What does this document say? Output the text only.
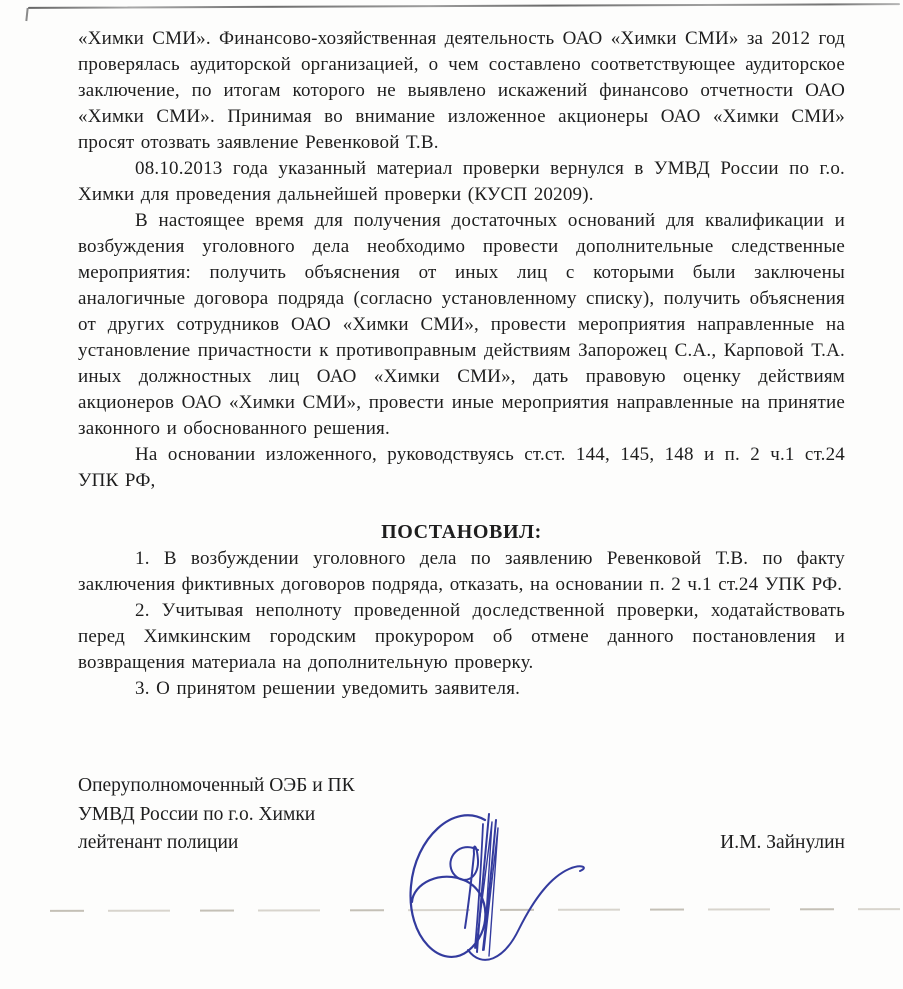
«Химки СМИ». Финансово-хозяйственная деятельность ОАО «Химки СМИ» за 2012 год проверялась аудиторской организацией, о чем составлено соответствующее аудиторское заключение, по итогам которого не выявлено искажений финансово отчетности ОАО «Химки СМИ». Принимая во внимание изложенное акционеры ОАО «Химки СМИ» просят отозвать заявление Ревенковой Т.В.

08.10.2013 года указанный материал проверки вернулся в УМВД России по г.о. Химки для проведения дальнейшей проверки (КУСП 20209).

В настоящее время для получения достаточных оснований для квалификации и возбуждения уголовного дела необходимо провести дополнительные следственные мероприятия: получить объяснения от иных лиц с которыми были заключены аналогичные договора подряда (согласно установленному списку), получить объяснения от других сотрудников ОАО «Химки СМИ», провести мероприятия направленные на установление причастности к противоправным действиям Запорожец С.А., Карповой Т.А. иных должностных лиц ОАО «Химки СМИ», дать правовую оценку действиям акционеров ОАО «Химки СМИ», провести иные мероприятия направленные на принятие законного и обоснованного решения.

На основании изложенного, руководствуясь ст.ст. 144, 145, 148 и п. 2 ч.1 ст.24 УПК РФ,

ПОСТАНОВИЛ:

1. В возбуждении уголовного дела по заявлению Ревенковой Т.В. по факту заключения фиктивных договоров подряда, отказать, на основании п. 2 ч.1 ст.24 УПК РФ.

2. Учитывая неполноту проведенной доследственной проверки, ходатайствовать перед Химкинским городским прокурором об отмене данного постановления и возвращения материала на дополнительную проверку.

3. О принятом решении уведомить заявителя.

Оперуполномоченный ОЭБ и ПК
УМВД России по г.о. Химки
лейтенант полиции	И.М. Зайнулин
